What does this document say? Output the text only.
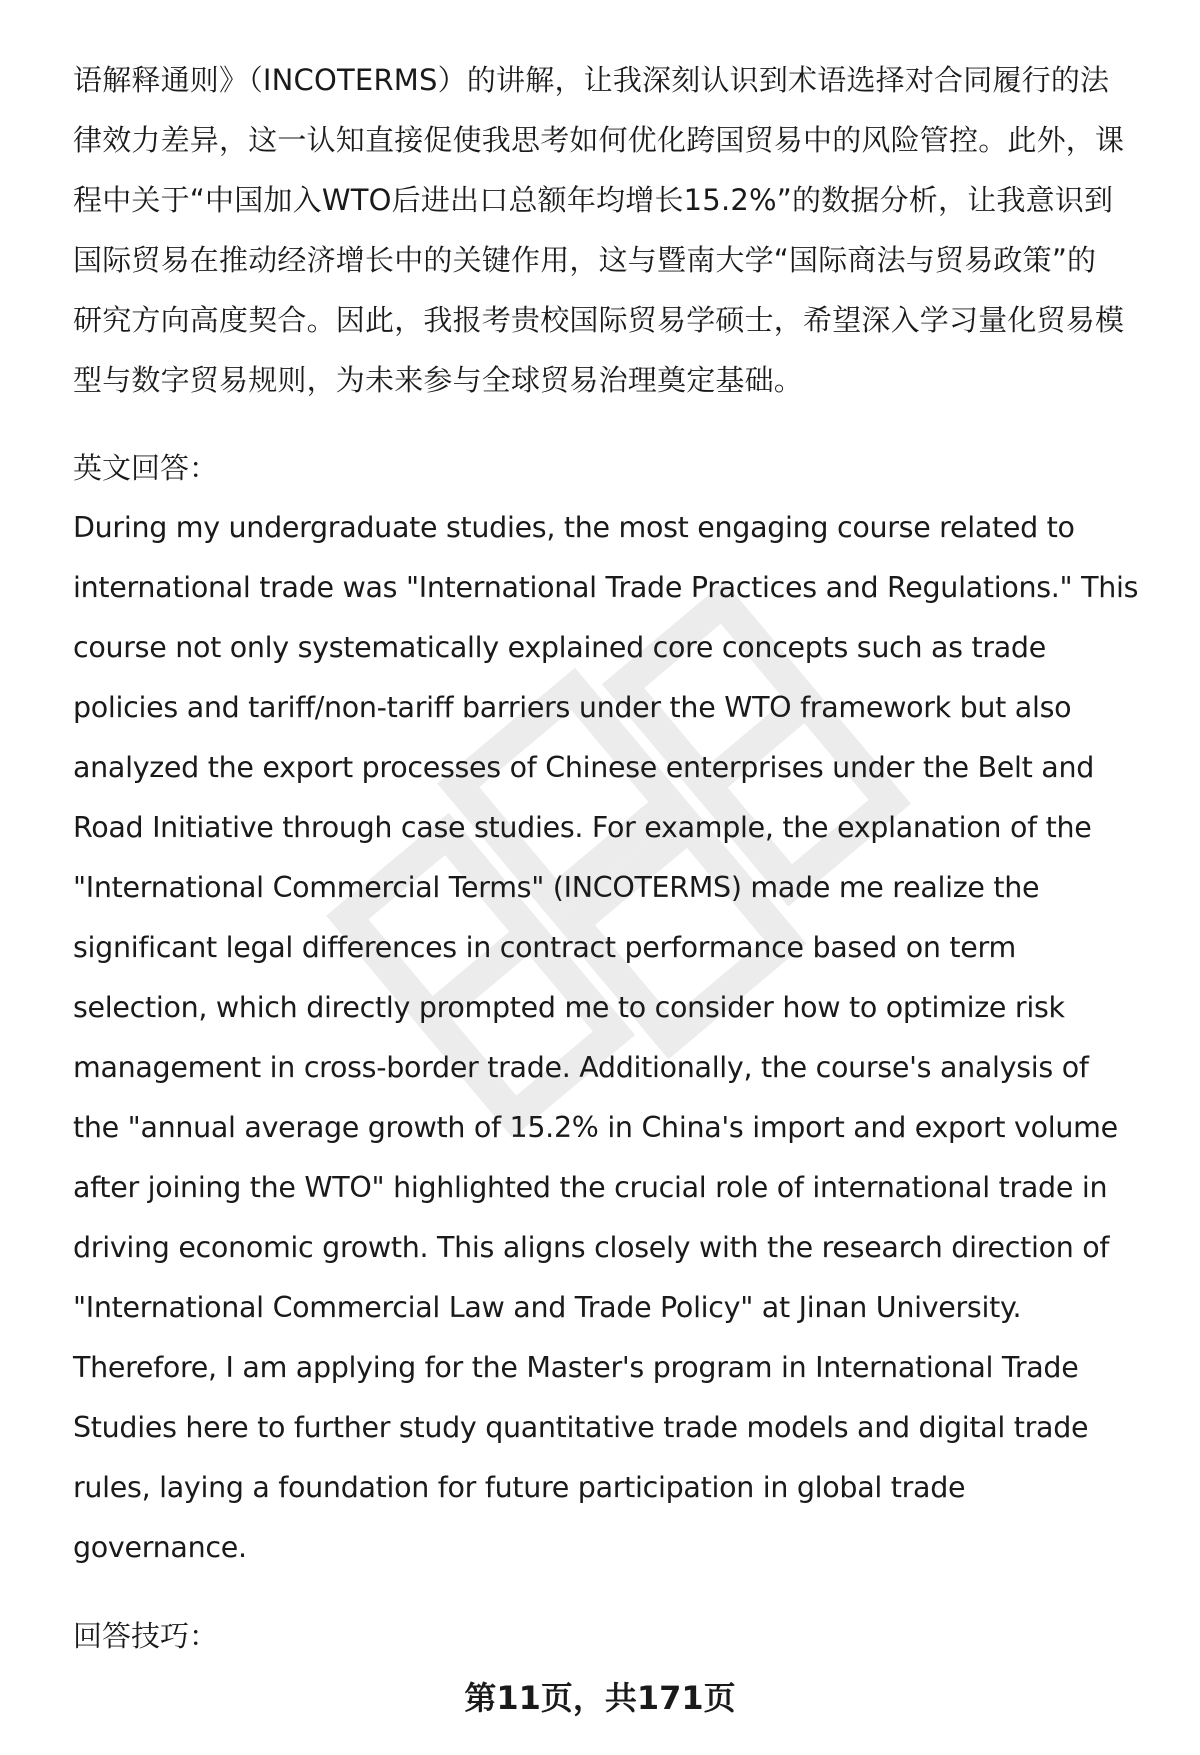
语解释通则》（INCOTERMS）的讲解，让我深刻认识到术语选择对合同履行的法
律效力差异，这一认知直接促使我思考如何优化跨国贸易中的风险管控。此外，课
程中关于“中国加入WTO后进出口总额年均增长15.2%”的数据分析，让我意识到
国际贸易在推动经济增长中的关键作用，这与暨南大学“国际商法与贸易政策”的
研究方向高度契合。因此，我报考贵校国际贸易学硕士，希望深入学习量化贸易模
型与数字贸易规则，为未来参与全球贸易治理奠定基础。
英文回答：
During my undergraduate studies, the most engaging course related to
international trade was "International Trade Practices and Regulations." This
course not only systematically explained core concepts such as trade
policies and tariff/non-tariff barriers under the WTO framework but also
analyzed the export processes of Chinese enterprises under the Belt and
Road Initiative through case studies. For example, the explanation of the
"International Commercial Terms" (INCOTERMS) made me realize the
significant legal differences in contract performance based on term
selection, which directly prompted me to consider how to optimize risk
management in cross-border trade. Additionally, the course's analysis of
the "annual average growth of 15.2% in China's import and export volume
after joining the WTO" highlighted the crucial role of international trade in
driving economic growth. This aligns closely with the research direction of
"International Commercial Law and Trade Policy" at Jinan University.
Therefore, I am applying for the Master's program in International Trade
Studies here to further study quantitative trade models and digital trade
rules, laying a foundation for future participation in global trade
governance.
回答技巧：
第11页，共171页
